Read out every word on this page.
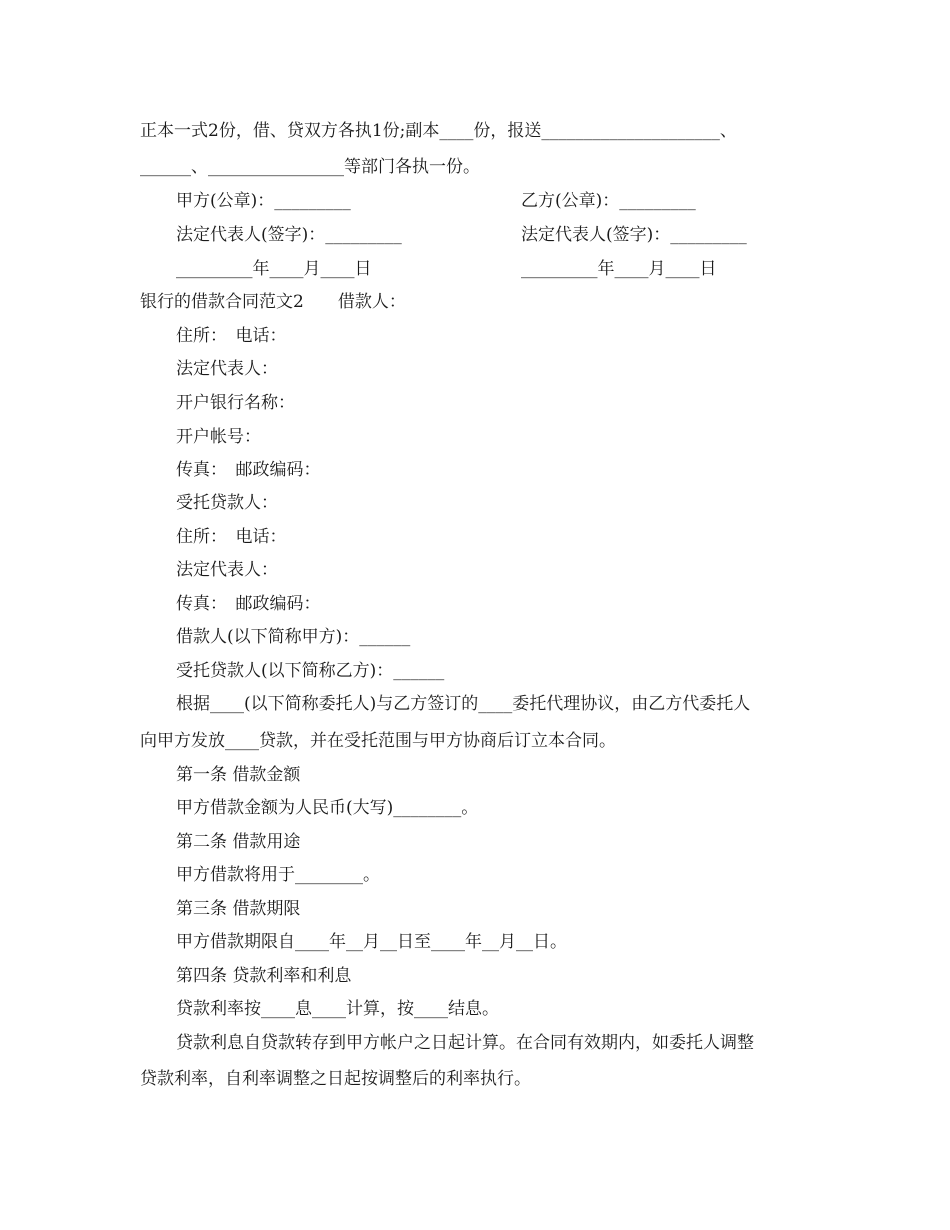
正本一式2份，借、贷双方各执1份;副本____份，报送_____________________、
______、________________等部门各执一份。
甲方(公章)：_________	乙方(公章)：_________
法定代表人(签字)：_________	法定代表人(签字)：_________
_________年____月____日	_________年____月____日
银行的借款合同范文2　　借款人：
住所：　电话：
法定代表人：
开户银行名称：
开户帐号：
传真：　邮政编码：
受托贷款人：
住所：　电话：
法定代表人：
传真：　邮政编码：
借款人(以下简称甲方)：______
受托贷款人(以下简称乙方)：______
根据____(以下简称委托人)与乙方签订的____委托代理协议，由乙方代委托人
向甲方发放____贷款，并在受托范围与甲方协商后订立本合同。
第一条 借款金额
甲方借款金额为人民币(大写)________。
第二条 借款用途
甲方借款将用于________。
第三条 借款期限
甲方借款期限自____年__月__日至____年__月__日。
第四条 贷款利率和利息
贷款利率按____息____计算，按____结息。
贷款利息自贷款转存到甲方帐户之日起计算。在合同有效期内，如委托人调整
贷款利率，自利率调整之日起按调整后的利率执行。
